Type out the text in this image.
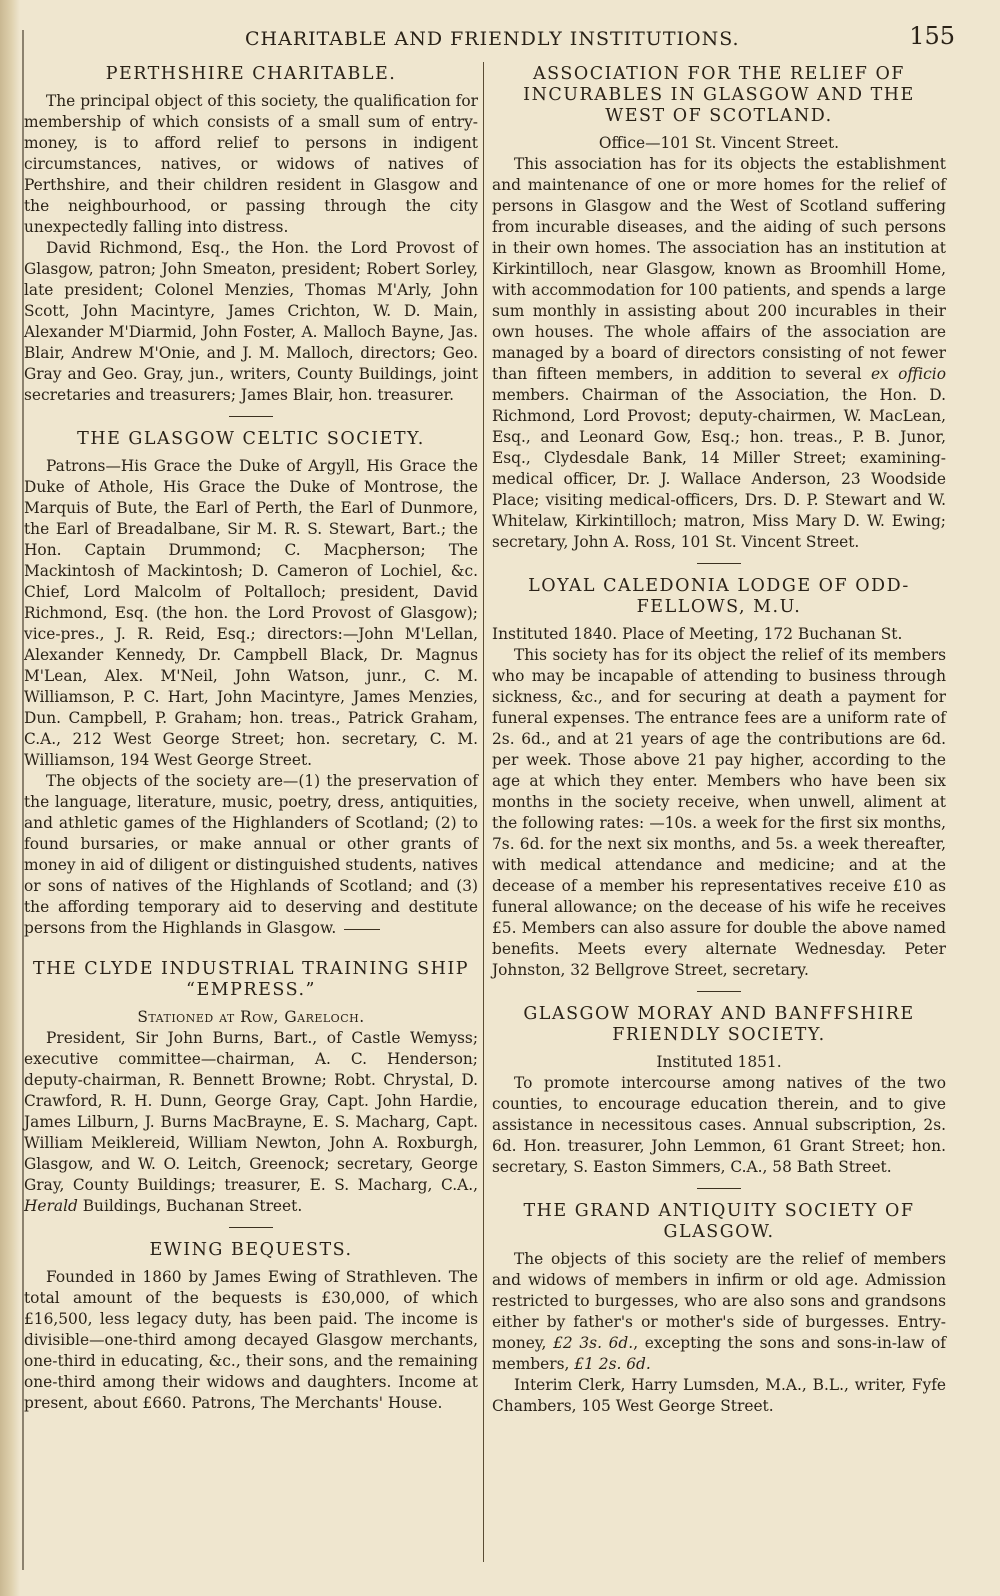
CHARITABLE AND FRIENDLY INSTITUTIONS.	155
PERTHSHIRE CHARITABLE.

The principal object of this society, the qualification for membership of which consists of a small sum of entry-money, is to afford relief to persons in indigent circumstances, natives, or widows of natives of Perthshire, and their children resident in Glasgow and the neighbourhood, or passing through the city unexpectedly falling into distress.

David Richmond, Esq., the Hon. the Lord Provost of Glasgow, patron; John Smeaton, president; Robert Sorley, late president; Colonel Menzies, Thomas M'Arly, John Scott, John Macintyre, James Crichton, W. D. Main, Alexander M'Diarmid, John Foster, A. Malloch Bayne, Jas. Blair, Andrew M'Onie, and J. M. Malloch, directors; Geo. Gray and Geo. Gray, jun., writers, County Buildings, joint secretaries and treasurers; James Blair, hon. treasurer.

THE GLASGOW CELTIC SOCIETY.

Patrons—His Grace the Duke of Argyll, His Grace the Duke of Athole, His Grace the Duke of Montrose, the Marquis of Bute, the Earl of Perth, the Earl of Dunmore, the Earl of Breadalbane, Sir M. R. S. Stewart, Bart.; the Hon. Captain Drummond; C. Macpherson; The Mackintosh of Mackintosh; D. Cameron of Lochiel, &c. Chief, Lord Malcolm of Poltalloch; president, David Richmond, Esq. (the hon. the Lord Provost of Glasgow); vice-pres., J. R. Reid, Esq.; directors:—John M'Lellan, Alexander Kennedy, Dr. Campbell Black, Dr. Magnus M'Lean, Alex. M'Neil, John Watson, junr., C. M. Williamson, P. C. Hart, John Macintyre, James Menzies, Dun. Campbell, P. Graham; hon. treas., Patrick Graham, C.A., 212 West George Street; hon. secretary, C. M. Williamson, 194 West George Street.

The objects of the society are—(1) the preservation of the language, literature, music, poetry, dress, antiquities, and athletic games of the Highlanders of Scotland; (2) to found bursaries, or make annual or other grants of money in aid of diligent or distinguished students, natives or sons of natives of the Highlands of Scotland; and (3) the affording temporary aid to deserving and destitute persons from the Highlands in Glasgow.

THE CLYDE INDUSTRIAL TRAINING SHIP “EMPRESS.”

Stationed at Row, Gareloch.

President, Sir John Burns, Bart., of Castle Wemyss; executive committee—chairman, A. C. Henderson; deputy-chairman, R. Bennett Browne; Robt. Chrystal, D. Crawford, R. H. Dunn, George Gray, Capt. John Hardie, James Lilburn, J. Burns MacBrayne, E. S. Macharg, Capt. William Meiklereid, William Newton, John A. Roxburgh, Glasgow, and W. O. Leitch, Greenock; secretary, George Gray, County Buildings; treasurer, E. S. Macharg, C.A., Herald Buildings, Buchanan Street.

EWING BEQUESTS.

Founded in 1860 by James Ewing of Strathleven. The total amount of the bequests is £30,000, of which £16,500, less legacy duty, has been paid. The income is divisible—one-third among decayed Glasgow merchants, one-third in educating, &c., their sons, and the remaining one-third among their widows and daughters. Income at present, about £660. Patrons, The Merchants' House.

ASSOCIATION FOR THE RELIEF OF INCURABLES IN GLASGOW AND THE WEST OF SCOTLAND.

Office—101 St. Vincent Street.

This association has for its objects the establishment and maintenance of one or more homes for the relief of persons in Glasgow and the West of Scotland suffering from incurable diseases, and the aiding of such persons in their own homes. The association has an institution at Kirkintilloch, near Glasgow, known as Broomhill Home, with accommodation for 100 patients, and spends a large sum monthly in assisting about 200 incurables in their own houses. The whole affairs of the association are managed by a board of directors consisting of not fewer than fifteen members, in addition to several ex officio members. Chairman of the Association, the Hon. D. Richmond, Lord Provost; deputy-chairmen, W. MacLean, Esq., and Leonard Gow, Esq.; hon. treas., P. B. Junor, Esq., Clydesdale Bank, 14 Miller Street; examining-medical officer, Dr. J. Wallace Anderson, 23 Woodside Place; visiting medical-officers, Drs. D. P. Stewart and W. Whitelaw, Kirkintilloch; matron, Miss Mary D. W. Ewing; secretary, John A. Ross, 101 St. Vincent Street.

LOYAL CALEDONIA LODGE OF ODD-FELLOWS, M.U.

Instituted 1840. Place of Meeting, 172 Buchanan St.

This society has for its object the relief of its members who may be incapable of attending to business through sickness, &c., and for securing at death a payment for funeral expenses. The entrance fees are a uniform rate of 2s. 6d., and at 21 years of age the contributions are 6d. per week. Those above 21 pay higher, according to the age at which they enter. Members who have been six months in the society receive, when unwell, aliment at the following rates: —10s. a week for the first six months, 7s. 6d. for the next six months, and 5s. a week thereafter, with medical attendance and medicine; and at the decease of a member his representatives receive £10 as funeral allowance; on the decease of his wife he receives £5. Members can also assure for double the above named benefits. Meets every alternate Wednesday. Peter Johnston, 32 Bellgrove Street, secretary.

GLASGOW MORAY AND BANFFSHIRE FRIENDLY SOCIETY.

Instituted 1851.

To promote intercourse among natives of the two counties, to encourage education therein, and to give assistance in necessitous cases. Annual subscription, 2s. 6d. Hon. treasurer, John Lemmon, 61 Grant Street; hon. secretary, S. Easton Simmers, C.A., 58 Bath Street.

THE GRAND ANTIQUITY SOCIETY OF GLASGOW.

The objects of this society are the relief of members and widows of members in infirm or old age. Admission restricted to burgesses, who are also sons and grandsons either by father's or mother's side of burgesses. Entry-money, £2 3s. 6d., excepting the sons and sons-in-law of members, £1 2s. 6d.

Interim Clerk, Harry Lumsden, M.A., B.L., writer, Fyfe Chambers, 105 West George Street.
